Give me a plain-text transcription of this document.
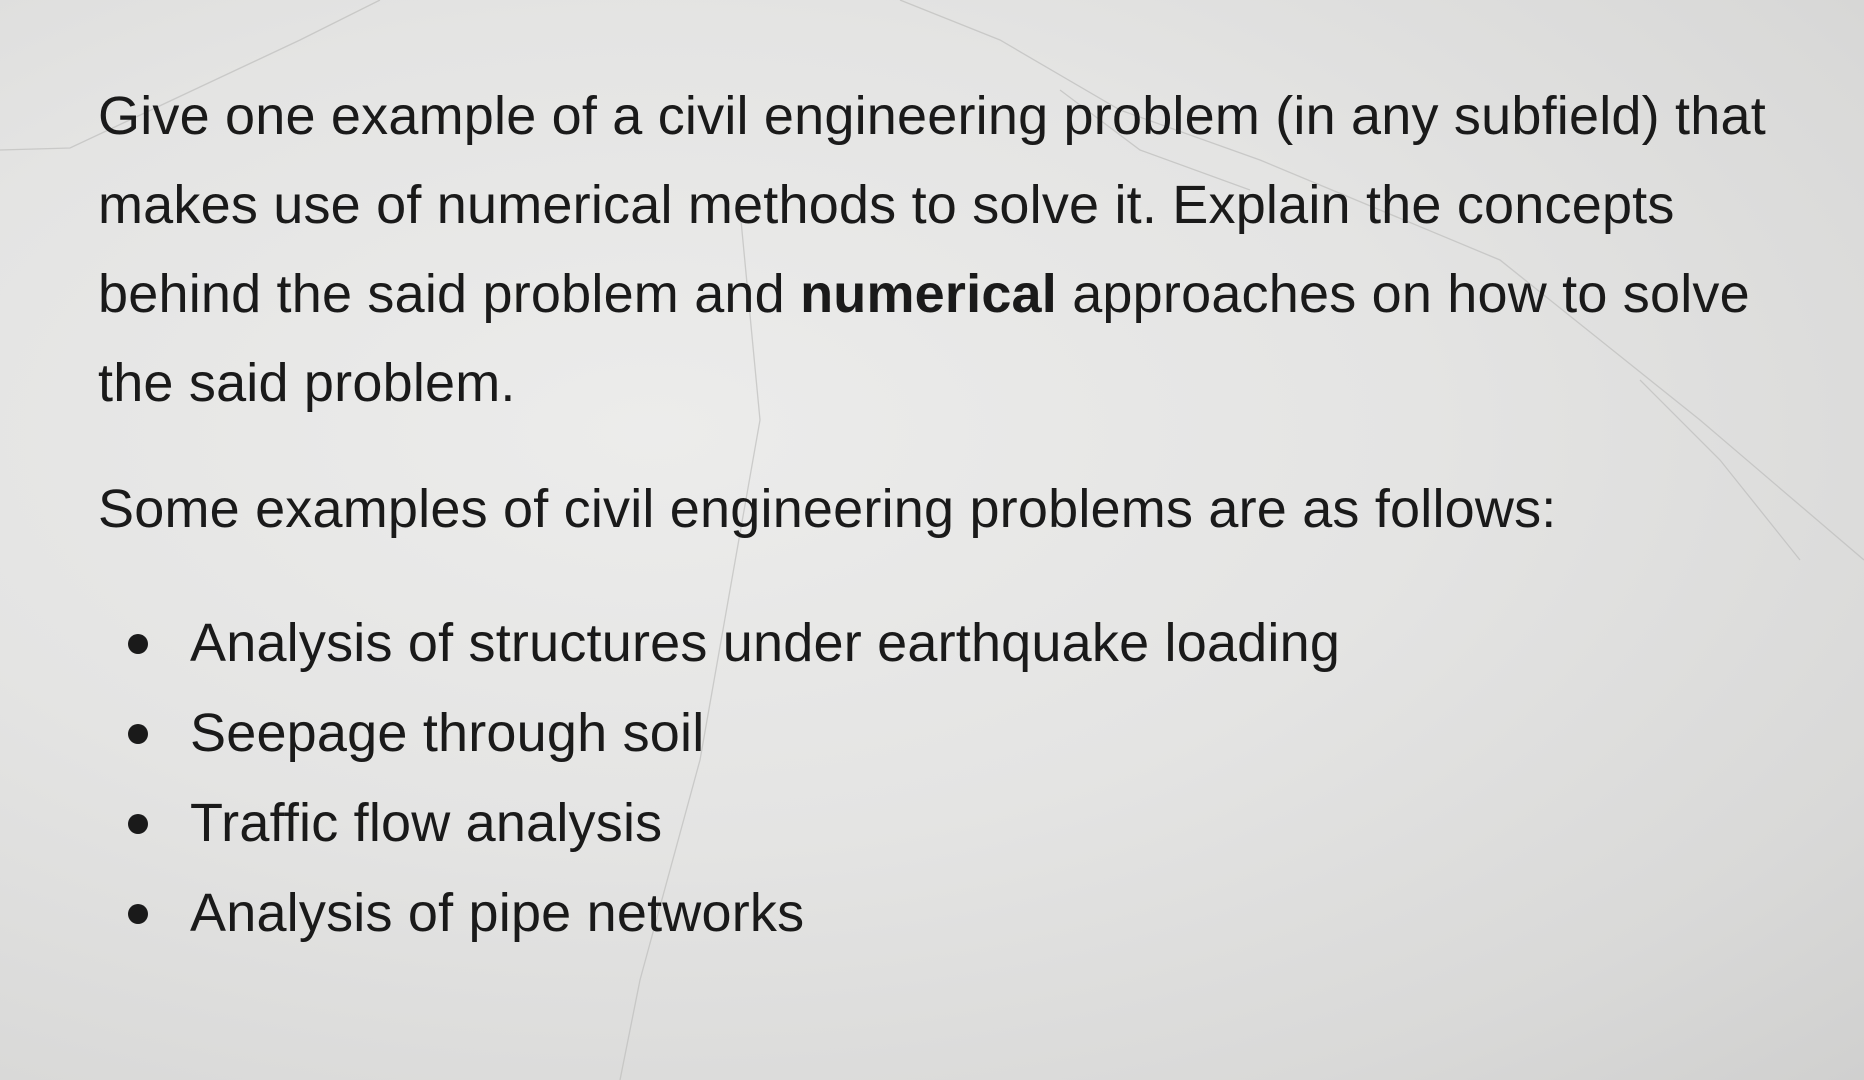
Give one example of a civil engineering problem (in any subfield) that makes use of numerical methods to solve it. Explain the concepts behind the said problem and numerical approaches on how to solve the said problem.

Some examples of civil engineering problems are as follows:

Analysis of structures under earthquake loading
Seepage through soil
Traffic flow analysis
Analysis of pipe networks
